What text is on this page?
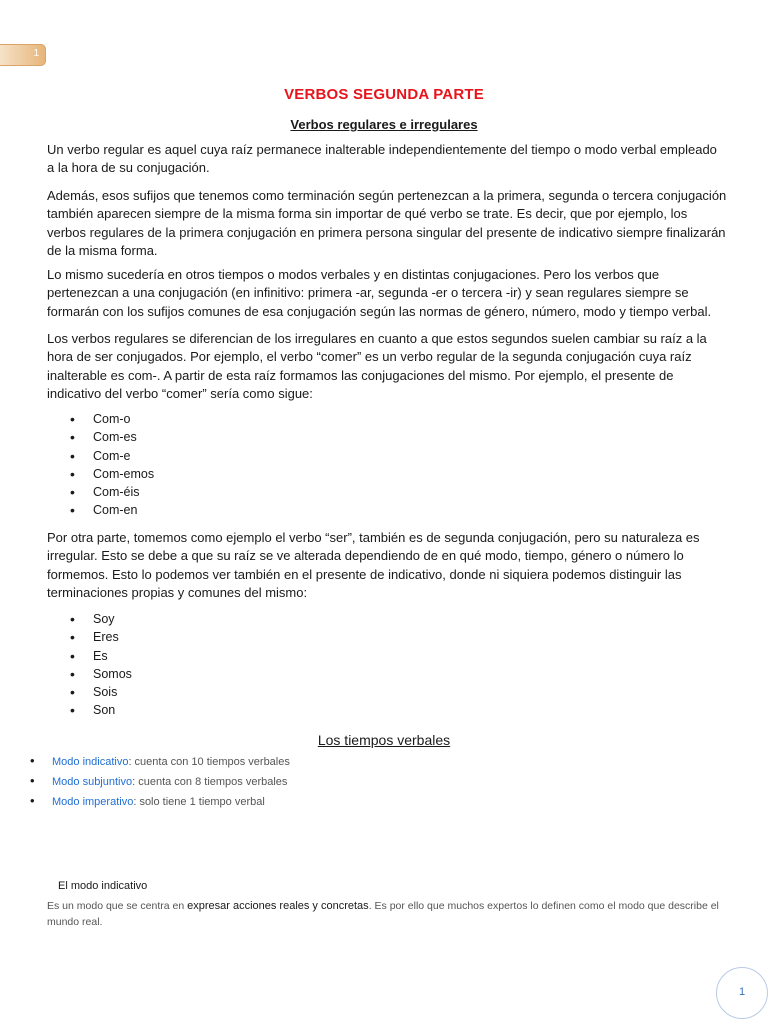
1
VERBOS SEGUNDA PARTE
Verbos regulares e irregulares

Un verbo regular es aquel cuya raíz permanece inalterable independientemente del tiempo o modo verbal empleado a la hora de su conjugación.

Además, esos sufijos que tenemos como terminación según pertenezcan a la primera, segunda o tercera conjugación también aparecen siempre de la misma forma sin importar de qué verbo se trate. Es decir, que por ejemplo, los verbos regulares de la primera conjugación en primera persona singular del presente de indicativo siempre finalizarán de la misma forma.

Lo mismo sucedería en otros tiempos o modos verbales y en distintas conjugaciones. Pero los verbos que pertenezcan a una conjugación (en infinitivo: primera -ar, segunda -er o tercera -ir) y sean regulares siempre se formarán con los sufijos comunes de esa conjugación según las normas de género, número, modo y tiempo verbal.

Los verbos regulares se diferencian de los irregulares en cuanto a que estos segundos suelen cambiar su raíz a la hora de ser conjugados. Por ejemplo, el verbo “comer” es un verbo regular de la segunda conjugación cuya raíz inalterable es com-. A partir de esta raíz formamos las conjugaciones del mismo. Por ejemplo, el presente de indicativo del verbo “comer” sería como sigue:

• Com-o
• Com-es
• Com-e
• Com-emos
• Com-éis
• Com-en

Por otra parte, tomemos como ejemplo el verbo “ser”, también es de segunda conjugación, pero su naturaleza es irregular. Esto se debe a que su raíz se ve alterada dependiendo de en qué modo, tiempo, género o número lo formemos. Esto lo podemos ver también en el presente de indicativo, donde ni siquiera podemos distinguir las terminaciones propias y comunes del mismo:

• Soy
• Eres
• Es
• Somos
• Sois
• Son
Los tiempos verbales
• Modo indicativo: cuenta con 10 tiempos verbales
• Modo subjuntivo: cuenta con 8 tiempos verbales
• Modo imperativo: solo tiene 1 tiempo verbal
El modo indicativo

Es un modo que se centra en expresar acciones reales y concretas. Es por ello que muchos expertos lo definen como el modo que describe el mundo real.

1
